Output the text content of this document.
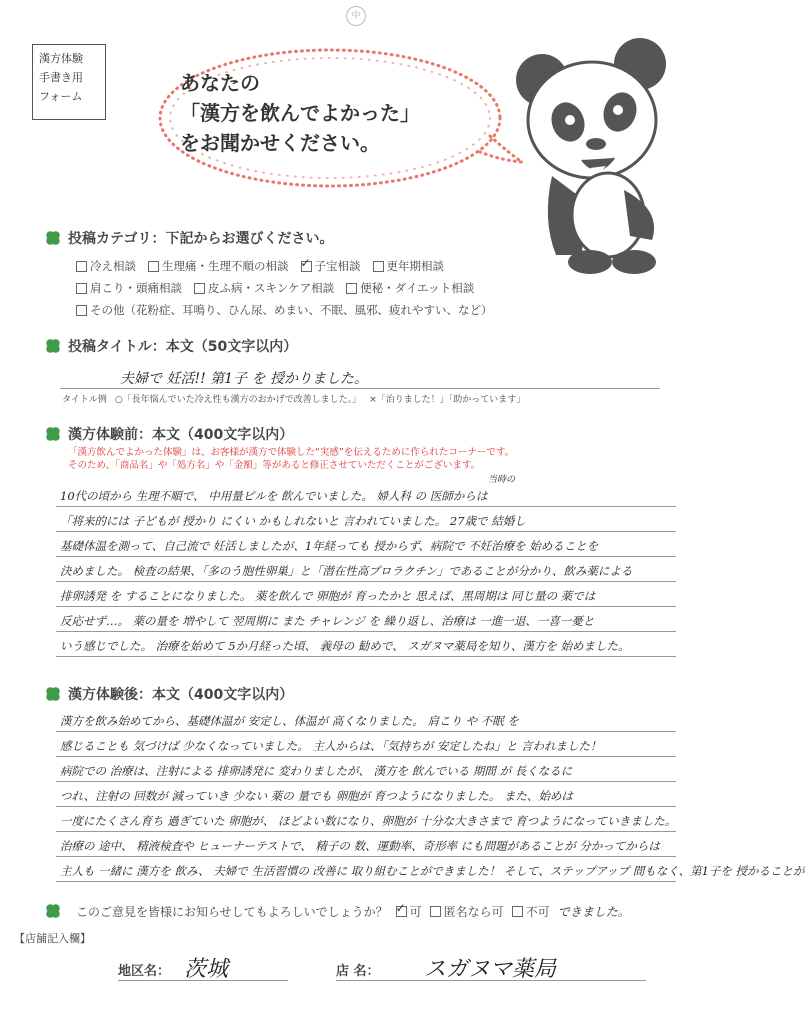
中
漢方体験
手書き用
フォーム
あなたの
「漢方を飲んでよかった」
をお聞かせください。
投稿カテゴリ：下記からお選びください。
冷え相談 生理痛・生理不順の相談 ✓ 子宝相談 更年期相談
肩こり・頭痛相談 皮ふ病・スキンケア相談 便秘・ダイエット相談
その他（花粉症、耳鳴り、ひん尿、めまい、不眠、風邪、疲れやすい、など）
投稿タイトル：本文（50文字以内）
夫婦で 妊活!! 第1子 を 授かりました。
タイトル例 ○「長年悩んでいた冷え性も漢方のおかげで改善しました。」 ×「治りました！」「助かっています」
漢方体験前：本文（400文字以内）
「漢方飲んでよかった体験」は、お客様が漢方で体験した“実感”を伝えるために作られたコーナーです。
そのため、「商品名」や「処方名」や「金額」等があると修正させていただくことがございます。
当時の
10代の頃から 生理不順で、 中用量ピルを 飲んでいました。 婦人科 の 医師からは
「将来的には 子どもが 授かり にくい かもしれないと 言われていました。 27歳で 結婚し
基礎体温を測って、自己流で 妊活しましたが、1年経っても 授からず、病院で 不妊治療を 始めることを
決めました。 検査の結果、「多のう胞性卵巣」と「潜在性高プロラクチン」であることが分かり、飲み薬による
排卵誘発 を することになりました。 薬を飲んで 卵胞が 育ったかと 思えば、黒周期は 同じ量の 薬では
反応せず…。 薬の量を 増やして 翌周期に また チャレンジ を 繰り返し、治療は 一進一退、一喜一憂と
いう感じでした。 治療を始めて 5か月経った頃、 義母の 勧めで、 スガヌマ薬局を知り、漢方を 始めました。
漢方体験後：本文（400文字以内）
漢方を飲み始めてから、基礎体温が 安定し、体温が 高くなりました。 肩こり や 不眠 を
感じることも 気づけば 少なくなっていました。 主人からは、「気持ちが 安定したね」と 言われました！
病院での 治療は、注射による 排卵誘発に 変わりましたが、 漢方を 飲んでいる 期間 が 長くなるに
つれ、注射の 回数が 減っていき 少ない 薬の 量でも 卵胞が 育つようになりました。 また、始めは
一度にたくさん育ち 過ぎていた 卵胞が、 ほどよい数になり、卵胞が 十分な大きさまで 育つようになっていきました。
治療の 途中、 精液検査や ヒューナーテストで、 精子の 数、運動率、奇形率 にも問題があることが 分かってからは
主人も 一緒に 漢方を 飲み、 夫婦で 生活習慣の 改善に 取り組むことができました！ そして、ステップアップ 間もなく、第1子を 授かることが
このご意見を皆様にお知らせしてもよろしいでしょうか？ ✓ 可 匿名なら可 不可 できました。
【店舗記入欄】
地区名： 茨城	店 名： スガヌマ薬局
